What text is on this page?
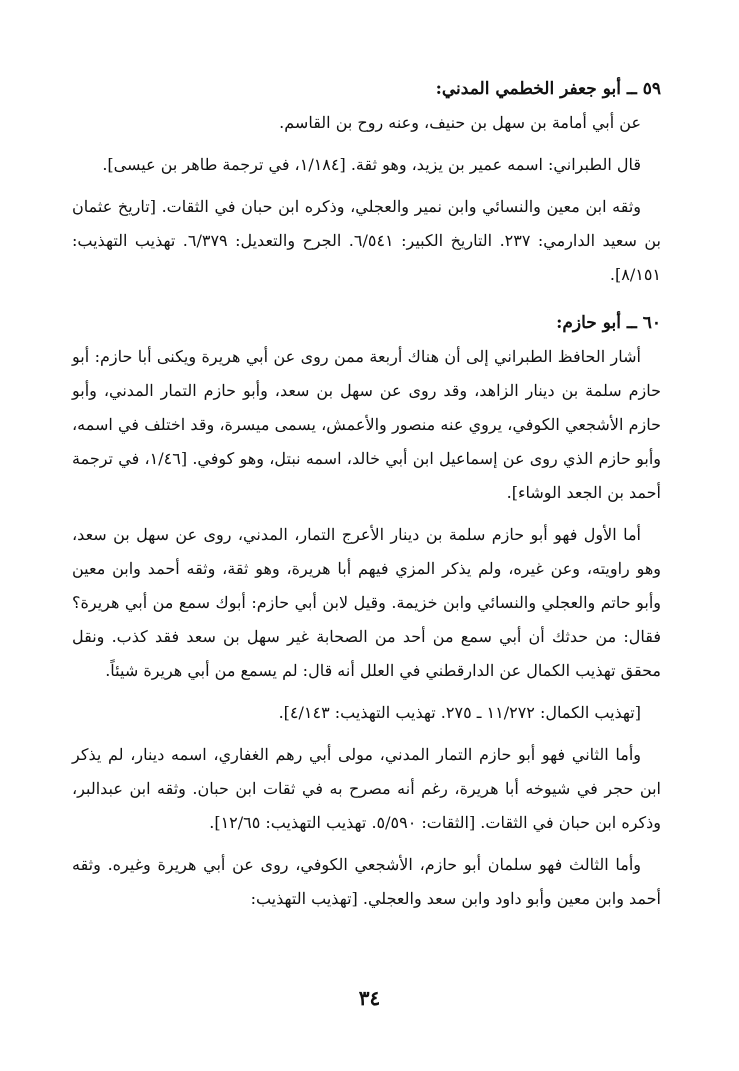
٥٩ ــ أبو جعفر الخطمي المدني:

عن أبي أمامة بن سهل بن حنيف، وعنه روح بن القاسم.

قال الطبراني: اسمه عمير بن يزيد، وهو ثقة. [١/١٨٤، في ترجمة طاهر بن عيسى].

وثقه ابن معين والنسائي وابن نمير والعجلي، وذكره ابن حبان في الثقات. [تاريخ عثمان بن سعيد الدارمي: ٢٣٧. التاريخ الكبير: ٦/٥٤١. الجرح والتعديل: ٦/٣٧٩. تهذيب التهذيب: ٨/١٥١].

٦٠ ــ أبو حازم:

أشار الحافظ الطبراني إلى أن هناك أربعة ممن روى عن أبي هريرة ويكنى أبا حازم: أبو حازم سلمة بن دينار الزاهد، وقد روى عن سهل بن سعد، وأبو حازم التمار المدني، وأبو حازم الأشجعي الكوفي، يروي عنه منصور والأعمش، يسمى ميسرة، وقد اختلف في اسمه، وأبو حازم الذي روى عن إسماعيل ابن أبي خالد، اسمه نبتل، وهو كوفي. [١/٤٦، في ترجمة أحمد بن الجعد الوشاء].

أما الأول فهو أبو حازم سلمة بن دينار الأعرج التمار، المدني، روى عن سهل بن سعد، وهو راويته، وعن غيره، ولم يذكر المزي فيهم أبا هريرة، وهو ثقة، وثقه أحمد وابن معين وأبو حاتم والعجلي والنسائي وابن خزيمة. وقيل لابن أبي حازم: أبوك سمع من أبي هريرة؟ فقال: من حدثك أن أبي سمع من أحد من الصحابة غير سهل بن سعد فقد كذب. ونقل محقق تهذيب الكمال عن الدارقطني في العلل أنه قال: لم يسمع من أبي هريرة شيئاً.

[تهذيب الكمال: ١١/٢٧٢ ـ ٢٧٥. تهذيب التهذيب: ٤/١٤٣].

وأما الثاني فهو أبو حازم التمار المدني، مولى أبي رهم الغفاري، اسمه دينار، لم يذكر ابن حجر في شيوخه أبا هريرة، رغم أنه مصرح به في ثقات ابن حبان. وثقه ابن عبدالبر، وذكره ابن حبان في الثقات. [الثقات: ٥/٥٩٠. تهذيب التهذيب: ١٢/٦٥].

وأما الثالث فهو سلمان أبو حازم، الأشجعي الكوفي، روى عن أبي هريرة وغيره. وثقه أحمد وابن معين وأبو داود وابن سعد والعجلي. [تهذيب التهذيب:

٣٤
